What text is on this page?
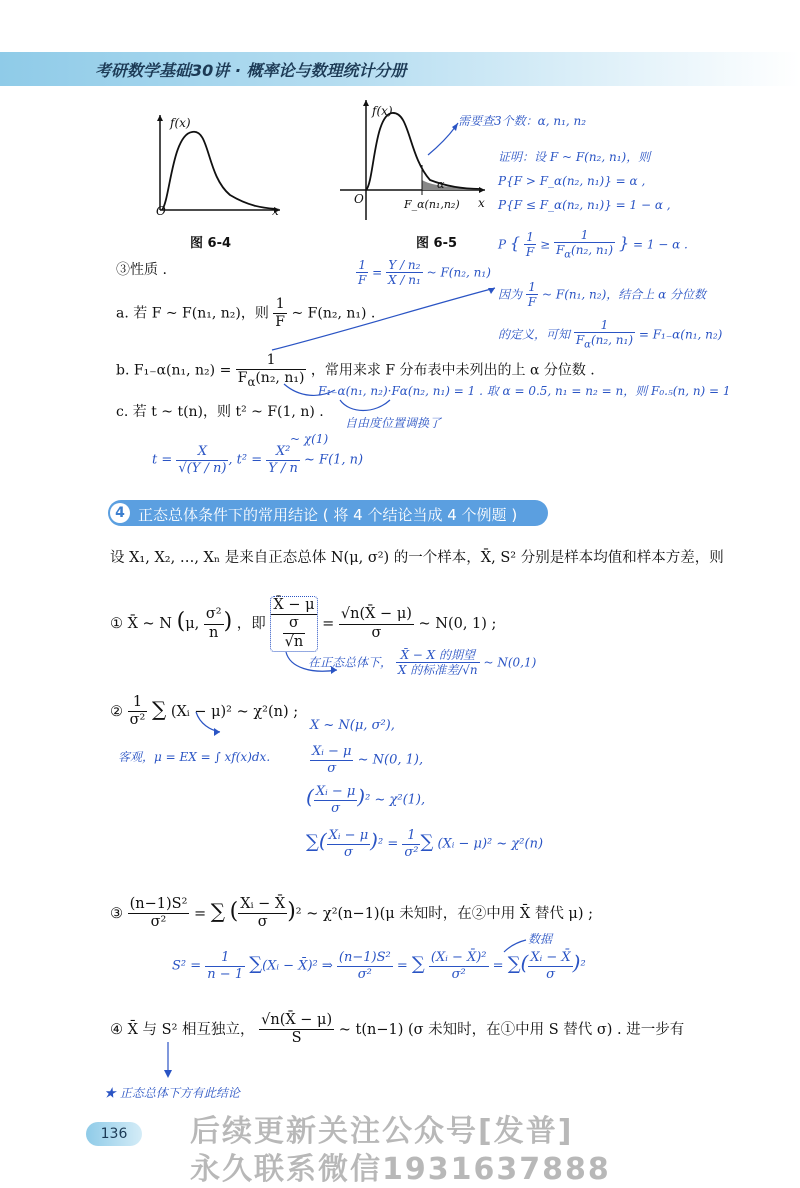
考研数学基础30讲 · 概率论与数理统计分册
f(x)
O	x
图 6-4
f(x)
O	x
α
F_α(n₁,n₂)
图 6-5
需要查3个数：α, n₁, n₂
证明：设 F ~ F(n₂, n₁)，则
P{F > F_α(n₂, n₁)} = α ,
P{F ≤ F_α(n₂, n₁)} = 1 − α ,
P { $\frac{1}{F} \ge \frac{1}{F_\alpha(n_2, n_1)}$ } = 1 − α .
③性质 .	$\frac{1}{F} = \frac{\text{Y / n₂}}{\text{X / n₁}}$ ~ F(n₂, n₁)
a. 若 F ~ F(n₁, n₂)，则 $\frac{1}{F}$ ~ F(n₂, n₁) .
因为 $\frac{1}{F}$ ~ F(n₁, n₂)，结合上 α 分位数
的定义，可知 $\frac{1}{F_\alpha(n_2, n_1)} = F_{1-}\alpha(n_1$, n₂)
b. F₁₋α(n₁, $n_2) = \frac{1}{F_\alpha(n_2, n_1)}$ ，常用来求 F 分布表中未列出的上 α 分位数 .
F₁₋α(n₁, n₂)·Fα(n₂, n₁) = 1 . 取 α = 0.5, n₁ = n₂ = n，则 F₀.₅(n, n) = 1
自由度位置调换了
c. 若 t ~ t(n)，则 t² ~ F(1, n) .
$t = \frac{X}{√(Y / n)}$ , $t^2 = \frac{\text{X²}}{Y / n}$ ~ F(1, n)
~ χ(1)
4 正态总体条件下的常用结论 ( 将 4 个结论当成 4 个例题 )
设 X₁, X₂, …, Xₙ 是来自正态总体 N(μ, σ²) 的一个样本，X̄, S² 分别是样本均值和样本方差，则
① X̄ ~ N (μ, $\frac{\text{σ²}}{n}$ ) ，即 $\frac{X̄ - \mu}{\frac{\sigma}{√n}} = \frac{√n(X̄ - \mu)}{\sigma}$ ~ N(0, 1) ;
在正态总体下， $\frac{\text{X̄ − X 的期望}}{\text{X 的标准差/√n}}$ ~ N(0,1)
② $\frac{1}{\text{σ²}}$ ∑ (Xᵢ − μ)² ~ χ²(n) ;
客观，μ = EX = ∫ xf(x)dx.
X ~ N(μ, σ²),
$\frac{\text{Xᵢ − μ}}{\sigma}$ ~ N(0, 1),
( $\frac{\text{Xᵢ − μ}}{\sigma} )^2$ ~ χ²(1),
∑( $\frac{\text{Xᵢ − μ}}{\sigma} )^2 = \frac{1}{\text{σ²}}$ ∑ (Xᵢ − μ)² ~ χ²(n)
③ $\frac{\text{(n−1)S²}}{\text{σ²}}$ = ∑ ( $\frac{\text{Xᵢ − X̄}}{\sigma} )^2$ ~ χ²(n−1)(μ 未知时，在②中用 X̄ 替代 μ) ;
$S^2 = \frac{1}{n - 1}$ ∑(Xᵢ − X̄)² ⇒ $\frac{\text{(n−1)S²}}{\text{σ²}}$ = ∑ $\frac{\text{(Xᵢ − X̄)²}}{\text{σ²}}$ = ∑( $\frac{\text{Xᵢ − X̄}}{\sigma} )^2$
数据
④ X̄ 与 S² 相互独立， $\frac{√n(X̄ - \mu)}{S}$ ~ t(n−1) (σ 未知时，在①中用 S 替代 σ) . 进一步有
★ 正态总体下方有此结论
136	后续更新关注公众号[发普]
永久联系微信1931637888
